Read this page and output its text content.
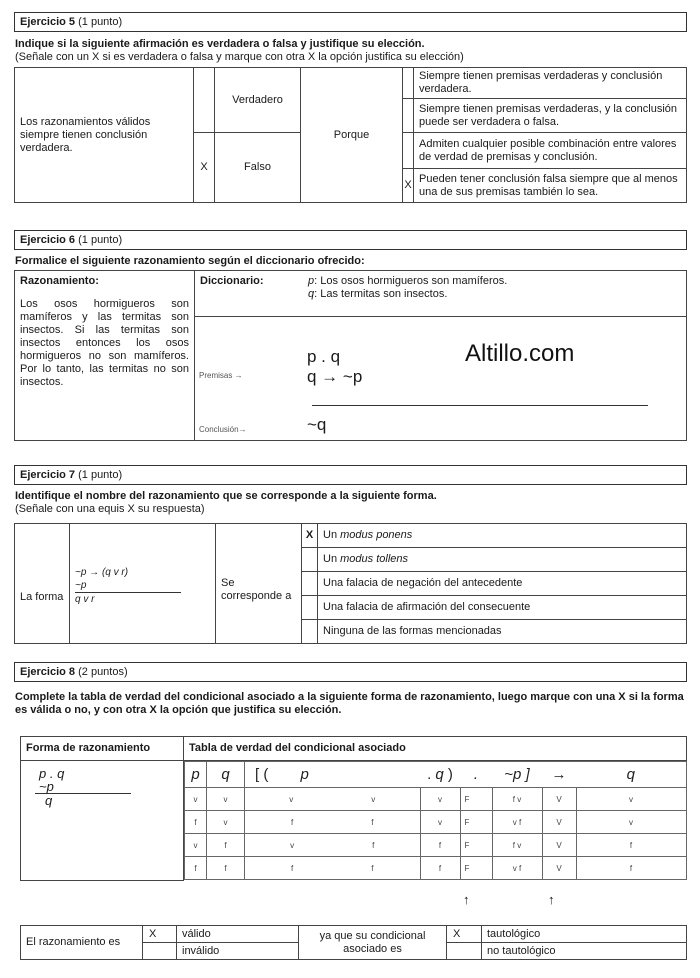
Ejercicio 5 (1 punto)
Indique si la siguiente afirmación es verdadera o falsa y justifique su elección.
(Señale con un X si es verdadera o falsa y marque con otra X la opción justifica su elección)
Los razonamientos válidos siempre tienen conclusión verdadera.		Verdadero	Porque		Siempre tienen premisas verdaderas y conclusión verdadera.
					Siempre tienen premisas verdaderas, y la conclusión puede ser verdadera o falsa.
	X	Falso			Admiten cualquier posible combinación entre valores de verdad de premisas y conclusión.
				X	Pueden tener conclusión falsa siempre que al menos una de sus premisas también lo sea.
Ejercicio 6 (1 punto)
Formalice el siguiente razonamiento según el diccionario ofrecido:
Razonamiento:
Los osos hormigueros son mamíferos y las termitas son insectos. Si las termitas son insectos entonces los osos hormigueros no son mamíferos. Por lo tanto, las termitas no son insectos.

Diccionario:	p: Los osos hormigueros son mamíferos.
q: Las termitas son insectos.

Premisas →
p . q
q → ~p
Altillo.com
Conclusión→	~q
Ejercicio 7 (1 punto)
Identifique el nombre del razonamiento que se corresponde a la siguiente forma.
(Señale con una equis X su respuesta)
La forma	~p → (q v r)
~p
q v r	Se corresponde a	X	Un modus ponens
				Un modus tollens
				Una falacia de negación del antecedente
				Una falacia de afirmación del consecuente
				Ninguna de las formas mencionadas
Ejercicio 8 (2 puntos)
Complete la tabla de verdad del condicional asociado a la siguiente forma de razonamiento, luego marque con una X si la forma es válida o no, y con otra X la opción que justifica su elección.
Forma de razonamiento	Tabla de verdad del condicional asociado

p . q
~p
q

p	q	[ ( p	. q )	.	~p ]	→	q
v	v	v	v	v	F	f v	V	v
f	v	f	f	v	F	v f	V	v
v	f	v	f	f	F	f v	V	f
f	f	f	f	f	F	v f	V	f
↑	↑
El razonamiento es	X	válido	ya que su condicional asociado es	X	tautológico
		inválido			no tautológico
